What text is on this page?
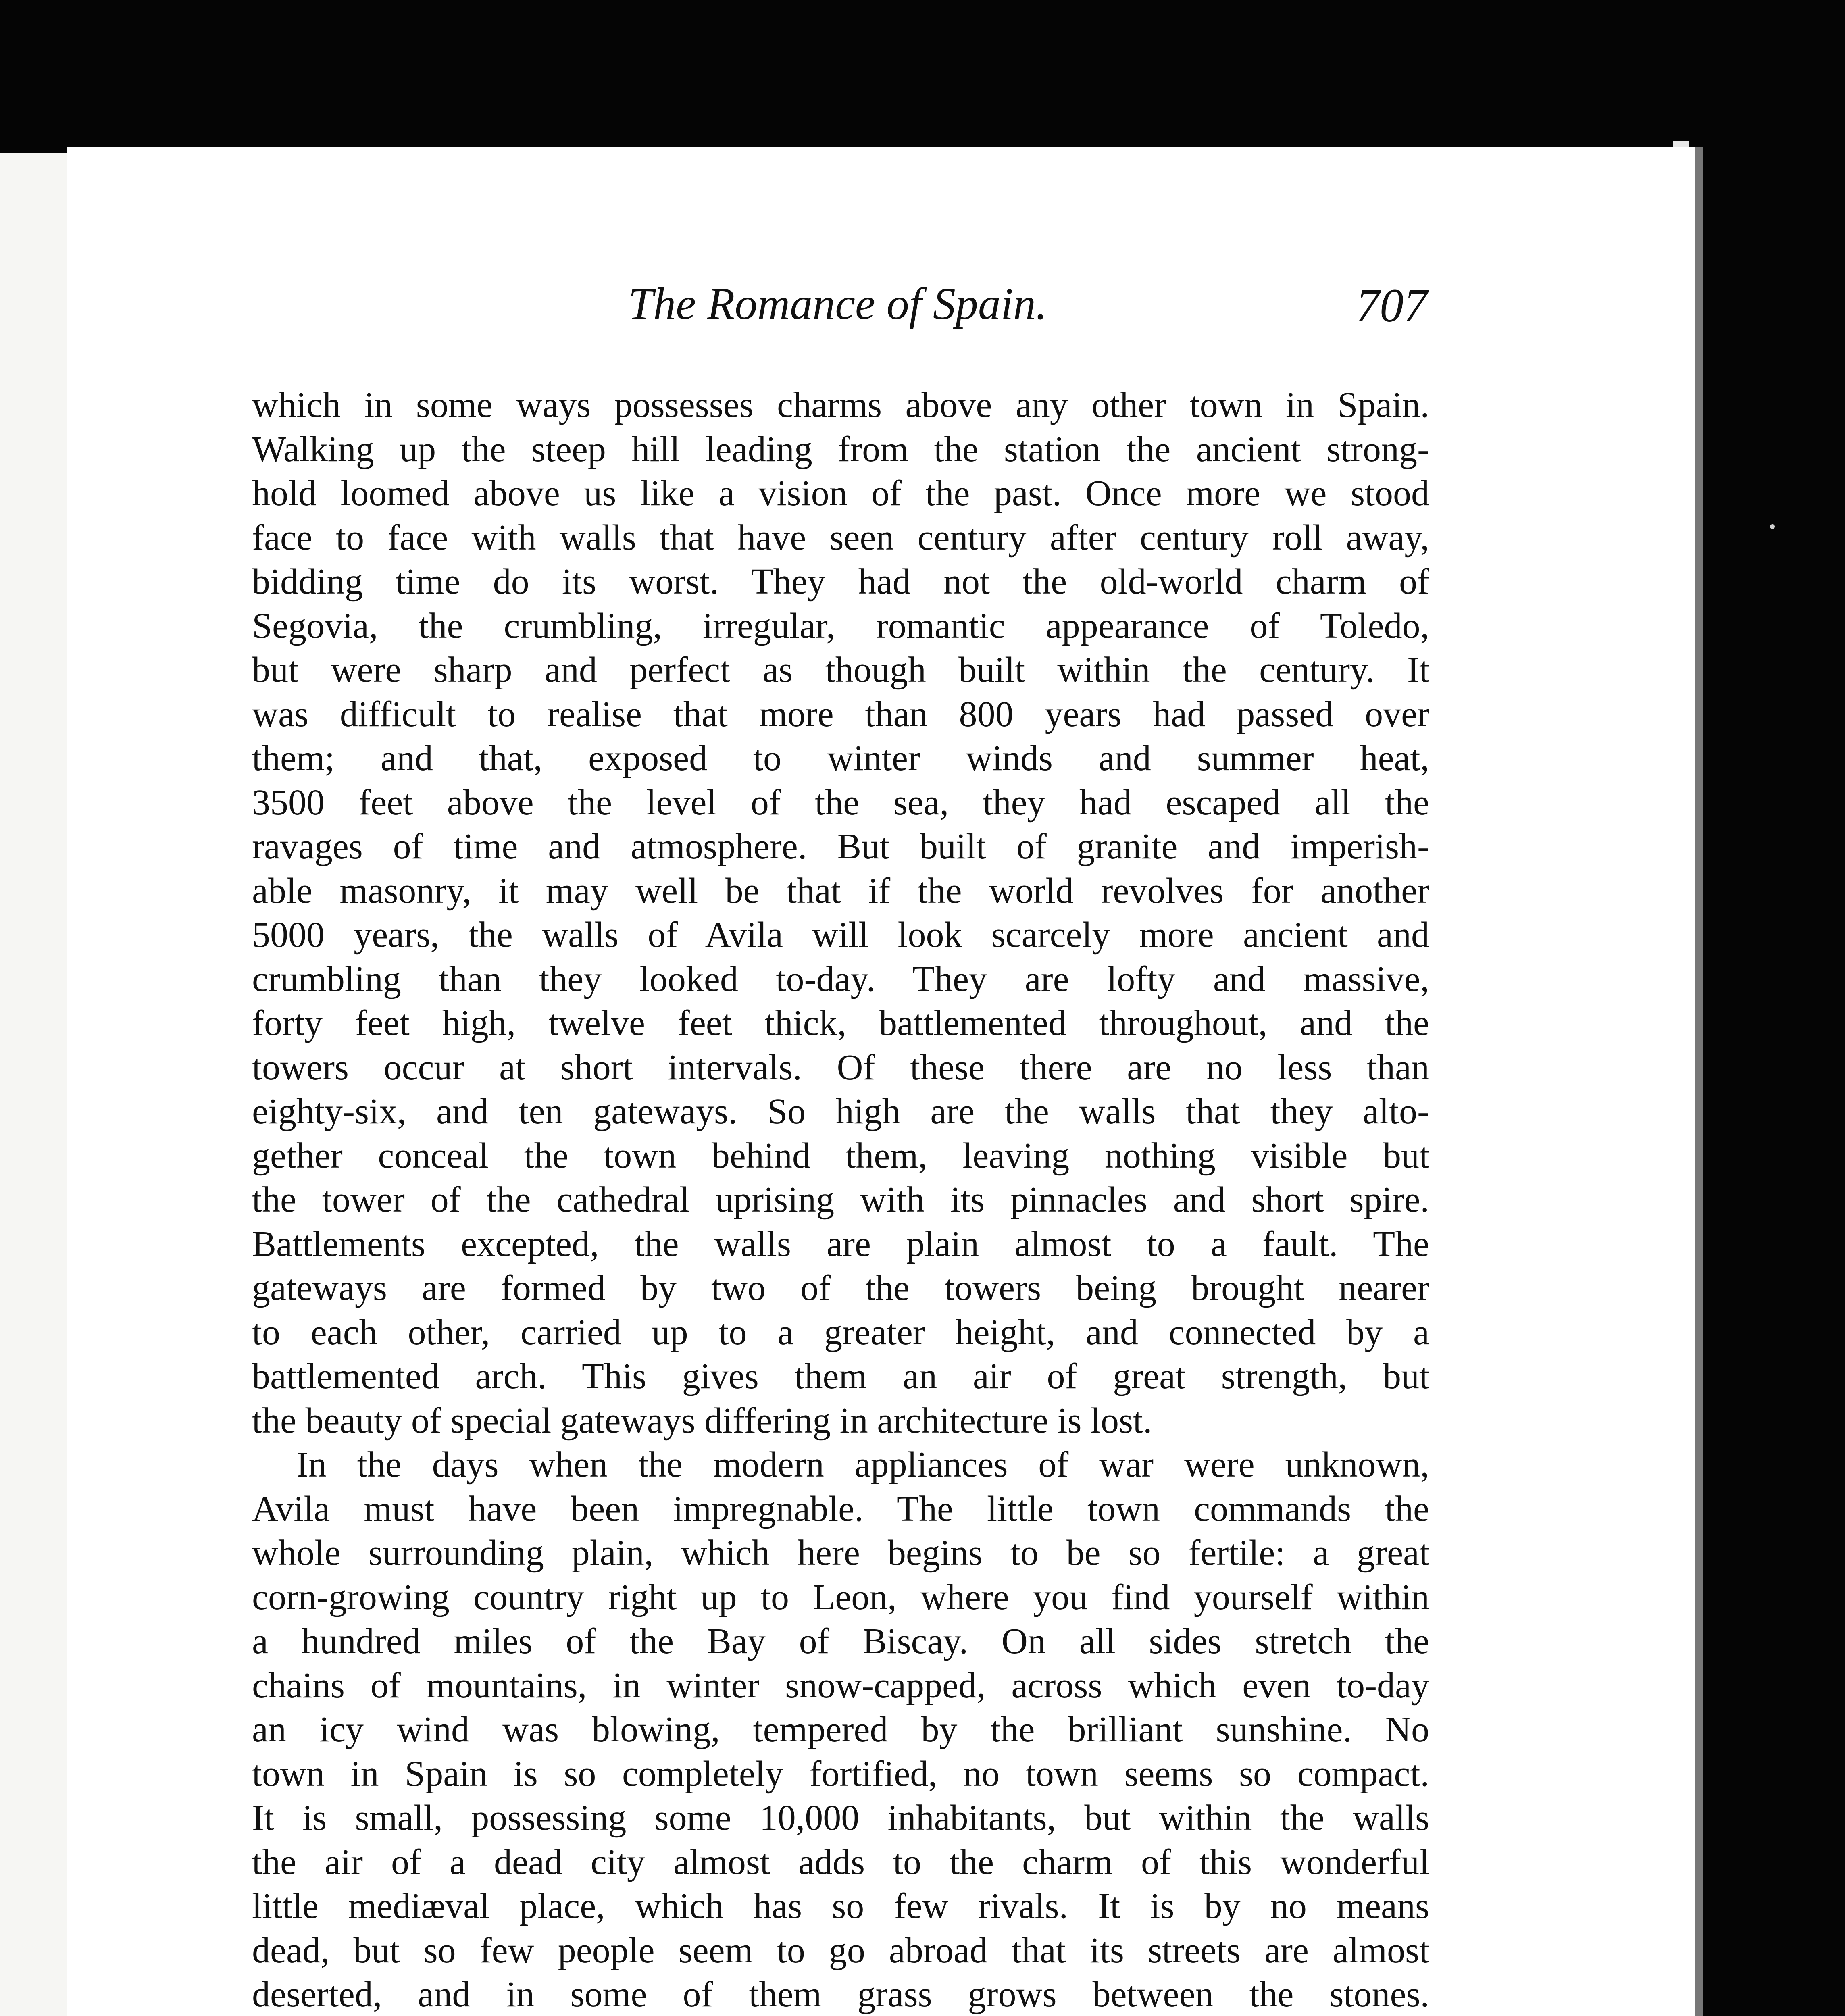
The Romance of Spain.	707
which in some ways possesses charms above any other town in Spain.
Walking up the steep hill leading from the station the ancient strong-
hold loomed above us like a vision of the past. Once more we stood
face to face with walls that have seen century after century roll away,
bidding time do its worst. They had not the old-world charm of
Segovia, the crumbling, irregular, romantic appearance of Toledo,
but were sharp and perfect as though built within the century. It
was difficult to realise that more than 800 years had passed over
them; and that, exposed to winter winds and summer heat,
3500 feet above the level of the sea, they had escaped all the
ravages of time and atmosphere. But built of granite and imperish-
able masonry, it may well be that if the world revolves for another
5000 years, the walls of Avila will look scarcely more ancient and
crumbling than they looked to-day. They are lofty and massive,
forty feet high, twelve feet thick, battlemented throughout, and the
towers occur at short intervals. Of these there are no less than
eighty-six, and ten gateways. So high are the walls that they alto-
gether conceal the town behind them, leaving nothing visible but
the tower of the cathedral uprising with its pinnacles and short spire.
Battlements excepted, the walls are plain almost to a fault. The
gateways are formed by two of the towers being brought nearer
to each other, carried up to a greater height, and connected by a
battlemented arch. This gives them an air of great strength, but
the beauty of special gateways differing in architecture is lost.
In the days when the modern appliances of war were unknown,
Avila must have been impregnable. The little town commands the
whole surrounding plain, which here begins to be so fertile: a great
corn-growing country right up to Leon, where you find yourself within
a hundred miles of the Bay of Biscay. On all sides stretch the
chains of mountains, in winter snow-capped, across which even to-day
an icy wind was blowing, tempered by the brilliant sunshine. No
town in Spain is so completely fortified, no town seems so compact.
It is small, possessing some 10,000 inhabitants, but within the walls
the air of a dead city almost adds to the charm of this wonderful
little mediæval place, which has so few rivals. It is by no means
dead, but so few people seem to go abroad that its streets are almost
deserted, and in some of them grass grows between the stones.
